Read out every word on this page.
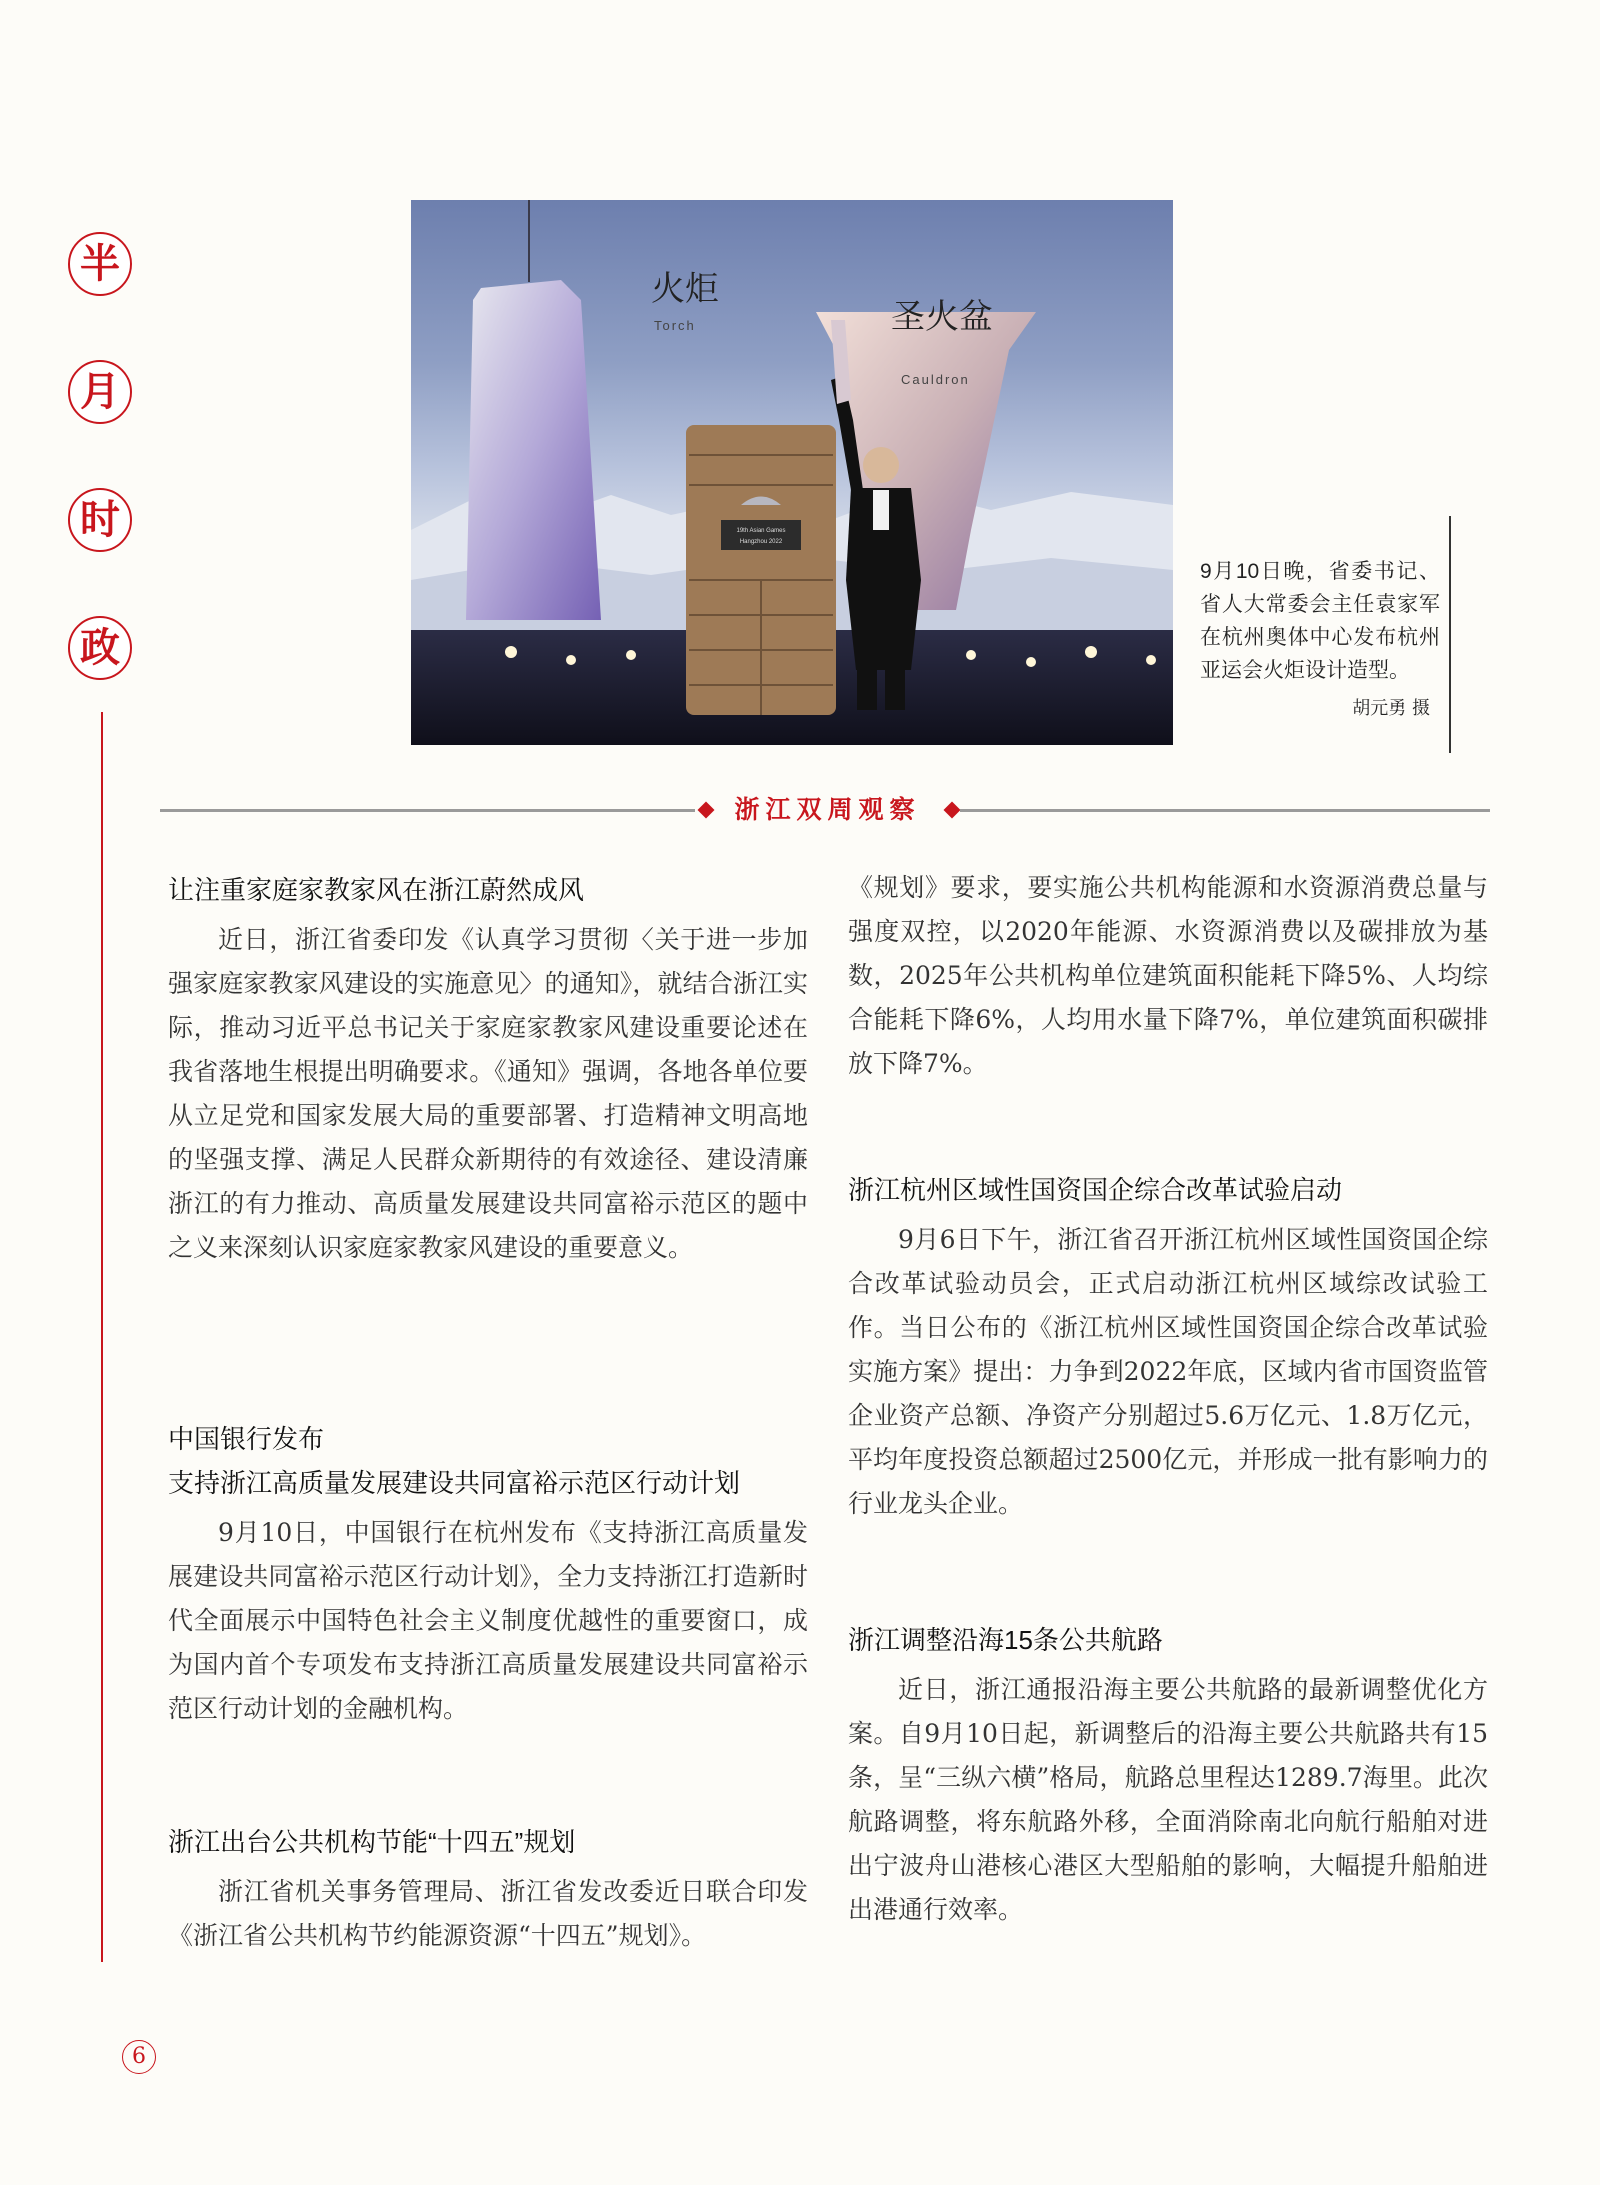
半
月
时
政
火炬
Torch	圣火盆
Cauldron
19th Asian Games
Hangzhou 2022
9月10日晚，省委书记、省人大常委会主任袁家军在杭州奥体中心发布杭州亚运会火炬设计造型。
胡元勇 摄
浙江双周观察

让注重家庭家教家风在浙江蔚然成风

近日，浙江省委印发《认真学习贯彻〈关于进一步加强家庭家教家风建设的实施意见〉的通知》，就结合浙江实际，推动习近平总书记关于家庭家教家风建设重要论述在我省落地生根提出明确要求。《通知》强调，各地各单位要从立足党和国家发展大局的重要部署、打造精神文明高地的坚强支撑、满足人民群众新期待的有效途径、建设清廉浙江的有力推动、高质量发展建设共同富裕示范区的题中之义来深刻认识家庭家教家风建设的重要意义。

中国银行发布

支持浙江高质量发展建设共同富裕示范区行动计划

9月10日，中国银行在杭州发布《支持浙江高质量发展建设共同富裕示范区行动计划》，全力支持浙江打造新时代全面展示中国特色社会主义制度优越性的重要窗口，成为国内首个专项发布支持浙江高质量发展建设共同富裕示范区行动计划的金融机构。

浙江出台公共机构节能“十四五”规划

浙江省机关事务管理局、浙江省发改委近日联合印发《浙江省公共机构节约能源资源“十四五”规划》。

《规划》要求，要实施公共机构能源和水资源消费总量与强度双控，以2020年能源、水资源消费以及碳排放为基数，2025年公共机构单位建筑面积能耗下降5%、人均综合能耗下降6%，人均用水量下降7%，单位建筑面积碳排放下降7%。

浙江杭州区域性国资国企综合改革试验启动

9月6日下午，浙江省召开浙江杭州区域性国资国企综合改革试验动员会，正式启动浙江杭州区域综改试验工作。当日公布的《浙江杭州区域性国资国企综合改革试验实施方案》提出：力争到2022年底，区域内省市国资监管企业资产总额、净资产分别超过5.6万亿元、1.8万亿元，平均年度投资总额超过2500亿元，并形成一批有影响力的行业龙头企业。

浙江调整沿海15条公共航路

近日，浙江通报沿海主要公共航路的最新调整优化方案。自9月10日起，新调整后的沿海主要公共航路共有15条，呈“三纵六横”格局，航路总里程达1289.7海里。此次航路调整，将东航路外移，全面消除南北向航行船舶对进出宁波舟山港核心港区大型船舶的影响，大幅提升船舶进出港通行效率。

6
